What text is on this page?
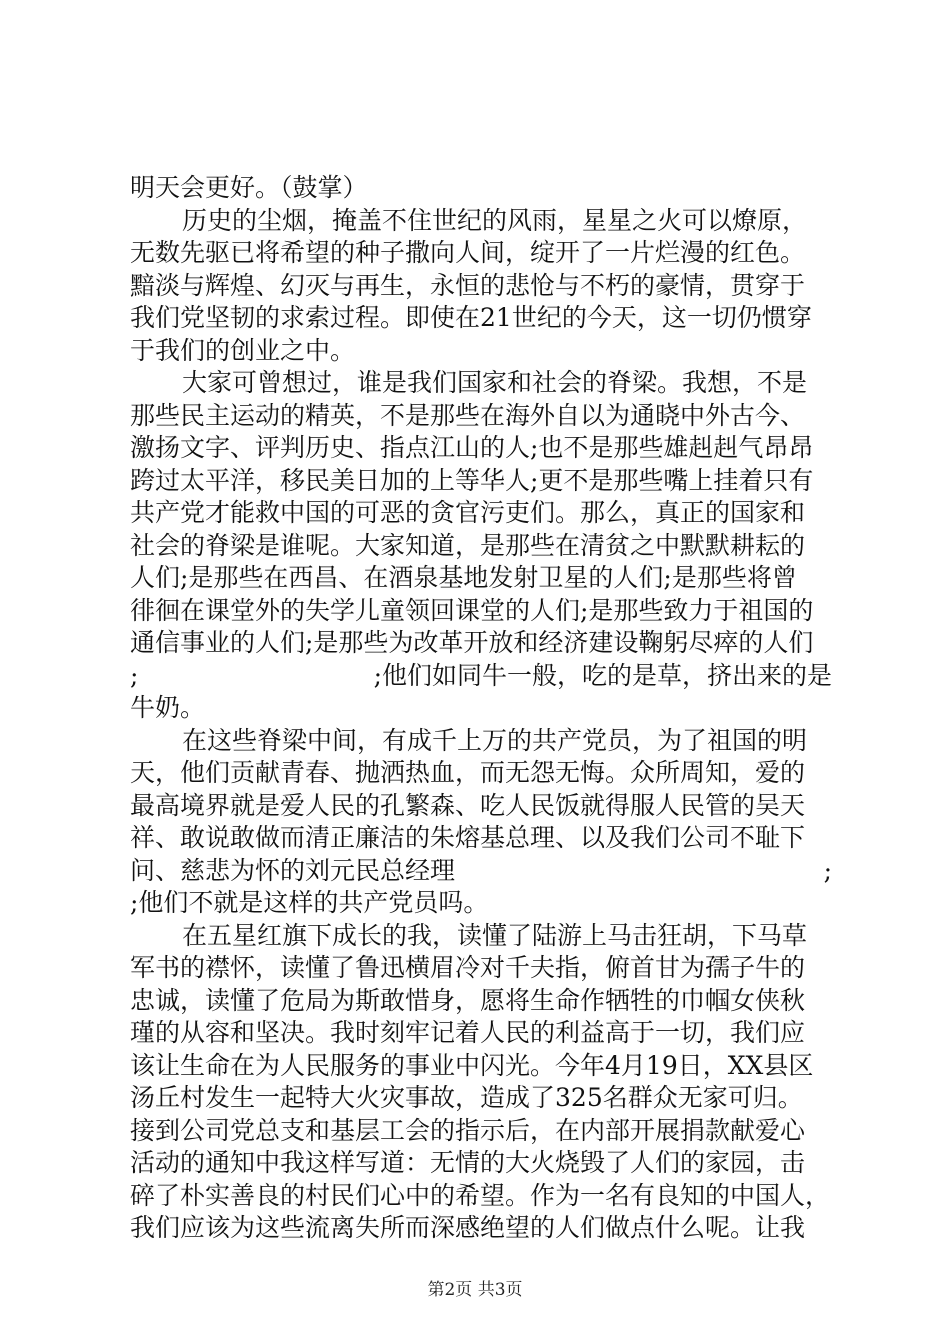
明天会更好。（鼓掌）
历史的尘烟，掩盖不住世纪的风雨，星星之火可以燎原，
无数先驱已将希望的种子撒向人间，绽开了一片烂漫的红色。
黯淡与辉煌、幻灭与再生，永恒的悲怆与不朽的豪情，贯穿于
我们党坚韧的求索过程。即使在21世纪的今天，这一切仍惯穿
于我们的创业之中。
大家可曾想过，谁是我们国家和社会的脊梁。我想，不是
那些民主运动的精英，不是那些在海外自以为通晓中外古今、
激扬文字、评判历史、指点江山的人;也不是那些雄赳赳气昂昂
跨过太平洋，移民美日加的上等华人;更不是那些嘴上挂着只有
共产党才能救中国的可恶的贪官污吏们。那么，真正的国家和
社会的脊梁是谁呢。大家知道，是那些在清贫之中默默耕耘的
人们;是那些在西昌、在酒泉基地发射卫星的人们;是那些将曾
徘徊在课堂外的失学儿童领回课堂的人们;是那些致力于祖国的
通信事业的人们;是那些为改革开放和经济建设鞠躬尽瘁的人们
;	;他们如同牛一般，吃的是草，挤出来的是
牛奶。
在这些脊梁中间，有成千上万的共产党员，为了祖国的明
天，他们贡献青春、抛洒热血，而无怨无悔。众所周知，爱的
最高境界就是爱人民的孔繁森、吃人民饭就得服人民管的吴天
祥、敢说敢做而清正廉洁的朱熔基总理、以及我们公司不耻下
问、慈悲为怀的刘元民总经理	;
;他们不就是这样的共产党员吗。
在五星红旗下成长的我，读懂了陆游上马击狂胡，下马草
军书的襟怀，读懂了鲁迅横眉冷对千夫指，俯首甘为孺子牛的
忠诚，读懂了危局为斯敢惜身，愿将生命作牺牲的巾帼女侠秋
瑾的从容和坚决。我时刻牢记着人民的利益高于一切，我们应
该让生命在为人民服务的事业中闪光。今年4月19日，XX县区
汤丘村发生一起特大火灾事故，造成了325名群众无家可归。
接到公司党总支和基层工会的指示后，在内部开展捐款献爱心
活动的通知中我这样写道：无情的大火烧毁了人们的家园，击
碎了朴实善良的村民们心中的希望。作为一名有良知的中国人，
我们应该为这些流离失所而深感绝望的人们做点什么呢。让我
第2页 共3页
